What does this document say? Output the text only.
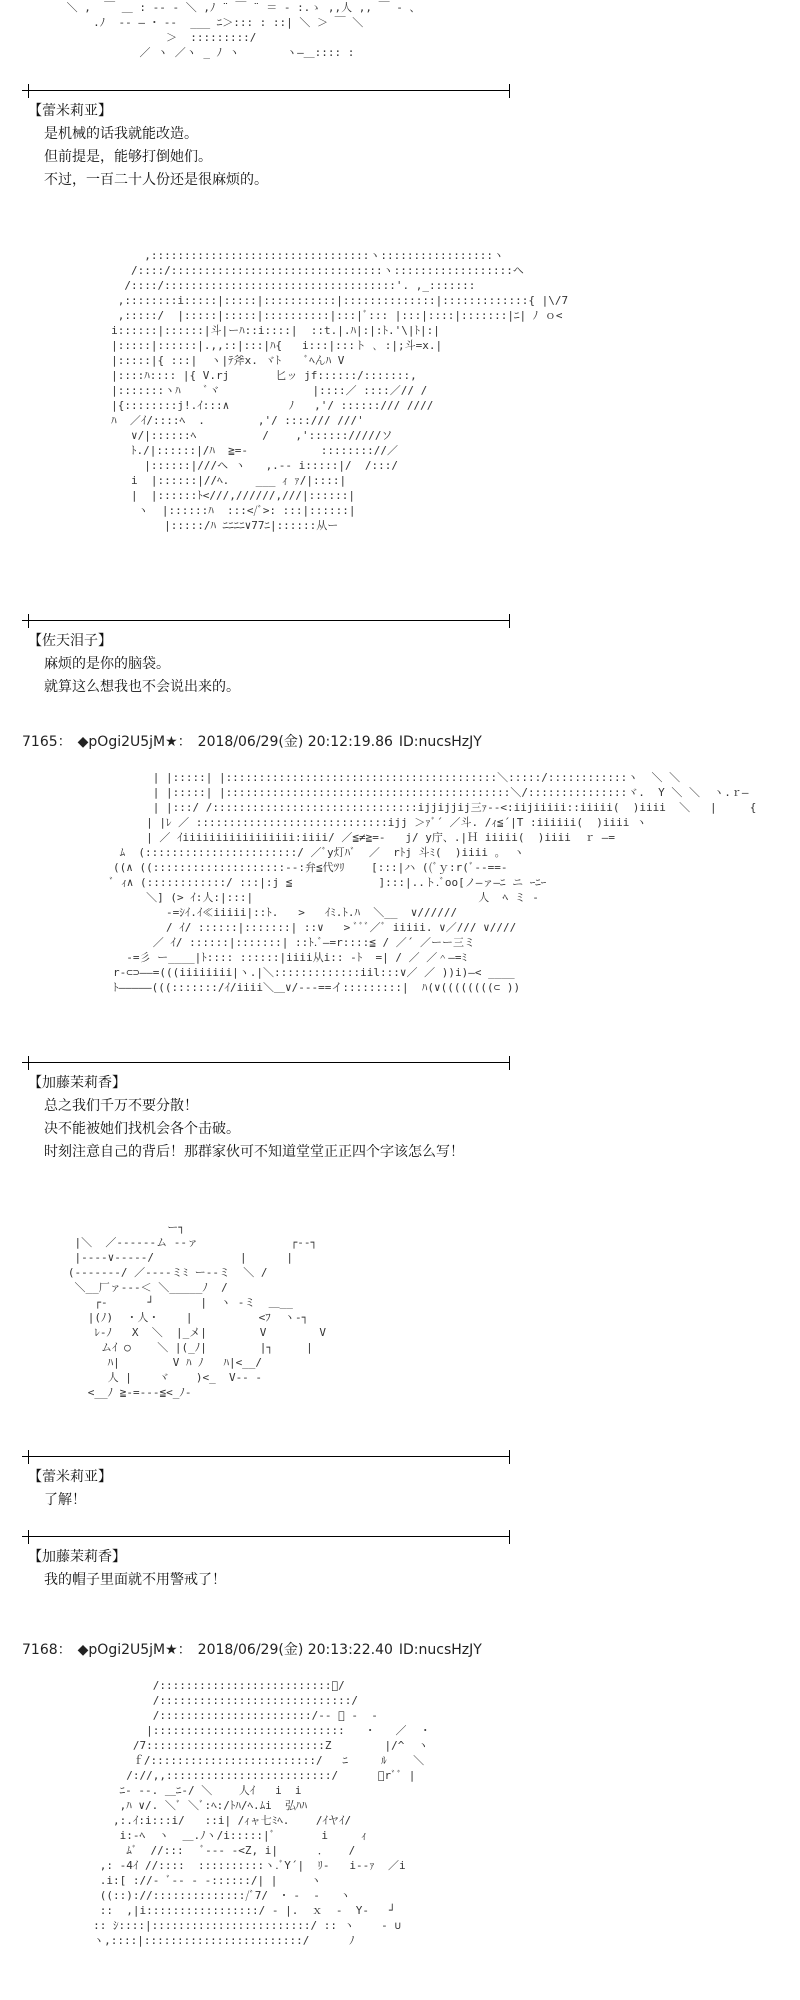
＼ ,  ￣ ＿ : -- ‐ ＼ ,ﾉ ¨ ￣ ¨ ＝ ‐ :.ゝ ,,人 ,, ￣ ‐ 、
.ﾉ  -- ― ･ --  ___ ﾆ＞::: : ::| ＼ ＞ ￣ ＼
＞  :::::::::/
／ ヽ ／ヽ _ ﾉ ヽ       ヽ―＿:::: :

【蕾米莉亚】
是机械的话我就能改造。
但前提是，能够打倒她们。
不过，一百二十人份还是很麻烦的。
,:::::::::::::::::::::::::::::::::ヽ:::::::::::::::::ヽ
/::::/::::::::::::::::::::::::::::::::ヽ::::::::::::::::::ヘ
/::::/:::::::::::::::::::::::::::::::::::'. ,_:::::::
,::::::::i:::::|:::::|:::::::::::|::::::::::::::|:::::::::::::{ |\/7
,:::::/  |:::::|:::::|::::::::::|:::|ﾞ::: |:::|::::|:::::::|ﾆ| ﾉ ｏ<
i::::::|::::::|斗|ーﾊ::i::::|  ::t.|.ﾊ|:|:ﾄ.'\|ﾄ|:|
|:::::|::::::|.,,::|:::|ﾊ{   i:::|:::ト ､ :|;斗=x.|
|:::::|{ :::|  ヽ|ﾃ斧x. ヾﾄ    ﾞﾍんﾊ V
|::::ﾊ:::: |{ V.rj       匕ッ jf::::::/:::::::,
|:::::::ヽﾊ    ﾞヾ              |::::／ ::::／// /
|{::::::::j!.ｲ:::∧         ﾉ   ,'/ ::::::/// ////
ﾊ  ／ｲ/::::ﾍ  .        ,'/ ::::/// ///'
∨/|::::::ﾍ          /    ,':::::://///ソ
ﾄ./|::::::|/ﾊ  ≧=‐           :::::::://／
|::::::|///ヘ ヽ   ,.-- i:::::|/  /:::/
i  |::::::|//ﾍ.    ___ ｨ ｧ/|::::|
|  |::::::ﾄ<///,//////,///|::::::|
ヽ  |::::::ﾊ  :::</ﾞ>: :::|::::::|
|:::::/ﾊ ﾆﾆﾆﾆ∨77ﾆ|::::::从ー
【佐天泪子】
麻烦的是你的脑袋。
就算这么想我也不会说出来的。
7165： ◆pOgi2U5jM★： 2018/06/29(金) 20:12:19.86 ID:nucsHzJY
| |:::::| |:::::::::::::::::::::::::::::::::::::::::＼:::::/::::::::::::ヽ  ＼ ＼
| |:::::| |:::::::::::::::::::::::::::::::::::::::::::＼/:::::::::::::::ヾ.  Y ＼ ＼  ヽ.ｒ―
| |:::/ /:::::::::::::::::::::::::::::::ijjijjij三ｧ‐-<:iijiiiii::iiiii(  )iiii  ＼   |     {
| |ﾚ ／ :::::::::::::::::::::::::::::ijj ＞ｧﾞ´ ／斗. /ｨ≦´|T :iiiiii(  )iiii ヽ
| ／ ｲiiiiiiiiiiiiiiiii:iiii/ ／≦≠≧=-   j/ y庁、.|Ｈ iiiii(  )iiii  ｒ ―=
ﾑ  (:::::::::::::::::::::::/ ／ﾞy灯ﾊﾞ  ／  rﾄj 斗ﾐ(  )iiii ｡  ヽ
((∧ ((::::::::::::::::::::--:弁≦代ﾂﾘ    [:::|ハ ((ﾞｙ:r(ﾞ--==-
ﾞ ｨ∧ (::::::::::::/ :::|:j ≦             ]:::|..ト.ﾞoo[ノ―ァ―ﾆ ニ ｰﾆｰ
＼] (> ｲ:人:|:::|                                  人  ﾍ ミ -
-=ｼｲ.ｲ≪iiiii|::ﾄ.   >   ｲﾐ.ﾄ.ﾊ  ＼__  ∨//////
/ ｲ/ ::::::|:::::::| ::∨   > ﾞﾞﾞ／ﾞ iiiii. ∨／/// ∨////
／ ｲ/ ::::::|:::::::| ::ﾄ.ﾞ―=r::::≦ / ／´ ／ーー三ミ
-=彡 ー____|ﾄ:::: ::::::|iiii从i:: -ﾄ  =| / ／ ／＾―=ﾐ
r-⊂⊃――=(((iiiiiiii|ヽ.|＼:::::::::::::iil:::∨／ ／ ))i)―< ____
ﾄ―――――(((:::::::/ｲ/iiii＼＿∨/‐-‐==イ:::::::::|  ﾊ(∨((((((((⊂ ))
【加藤茉莉香】
总之我们千万不要分散！
决不能被她们找机会各个击破。
时刻注意自己的背后！那群家伙可不知道堂堂正正四个字该怎么写！
ー┐
|＼  ／‐‐‐‐--ム ‐‐ァ              ┌‐‐┐
|‐‐‐‐∨‐‐‐‐‐/             |      |
(‐‐‐‐‐‐‐/ ／‐‐‐‐ミﾐ ー‐‐ミ  ＼ /
＼__厂ァ‐‐‐＜ ＼_____ﾉ  /
┌‐      ┘       |  ヽ ‐ミ  ＿__
|(ﾉ)  ・人・    |          <ﾌ  ヽ‐┐
ﾚ‐ﾉ   X  ＼  |_メ|        V        V
ムｲ ○    ＼ |(_ﾉ|        |┐     |
ﾊ|        V ﾊ ﾉ   ﾊ|<__/
人 |    ヾ    )<_  V-- ‐
<__ﾉ ≧-=‐‐‐≦<_ﾉ‐
【蕾米莉亚】
了解！
【加藤茉莉香】
我的帽子里面就不用警戒了！
7168： ◆pOgi2U5jM★： 2018/06/29(金) 20:13:22.40 ID:nucsHzJY
/::::::::::::::::::::::::::ﾞ/
/:::::::::::::::::::::::::::::/
/:::::::::::::::::::::::/‐‐ ﾞ ‐  ‐
|:::::::::::::::::::::::::::::   ・   ／  ・
/7:::::::::::::::::::::::::::Z        |/^  ヽ
ｆ/:::::::::::::::::::::::::/   ﾆ     ﾙ    ＼
/://,,:::::::::::::::::::::::::/      ﾞrﾞﾞ |
ﾆ‐ ‐‐. ＿ﾆ‐/ ＼    人ｲ   i  i
,ﾊ ∨/. ＼ﾞ ＼ﾞ:ﾍ:/ﾄﾊ/ﾍ.ﾑi  弘ﾊﾊ
,:.ｲ:i:::i/   ::i| /ｨャ七ﾐﾍ.    /ｲヤｲ/
i:-ﾍ  ヽ  ＿.ﾉヽ/i:::::|ﾞ       i     ｨ
ﾑﾞ  //:::   ﾞ--‐ ‐<Z, i|      ．   /
,: ‐4ｲ //::::  ::::::::::ヽ.ﾞY´|  ﾘ‐   i‐‐ｧ  ／i
.i:[ ://‐ ﾞ‐‐ ‐ ‐::::::/| |     ヽ
((::)://::::::::::::::/ﾞ7/  ･ ‐  ‐   ヽ
::  ,|i:::::::::::::::::/ ‐ |.  ｘ  ‐  Y‐   ┘
:: ｼ::::|::::::::::::::::::::::::/ :: ヽ    ‐ ∪
ヽ,::::|::::::::::::::::::::::::/      ﾉ
